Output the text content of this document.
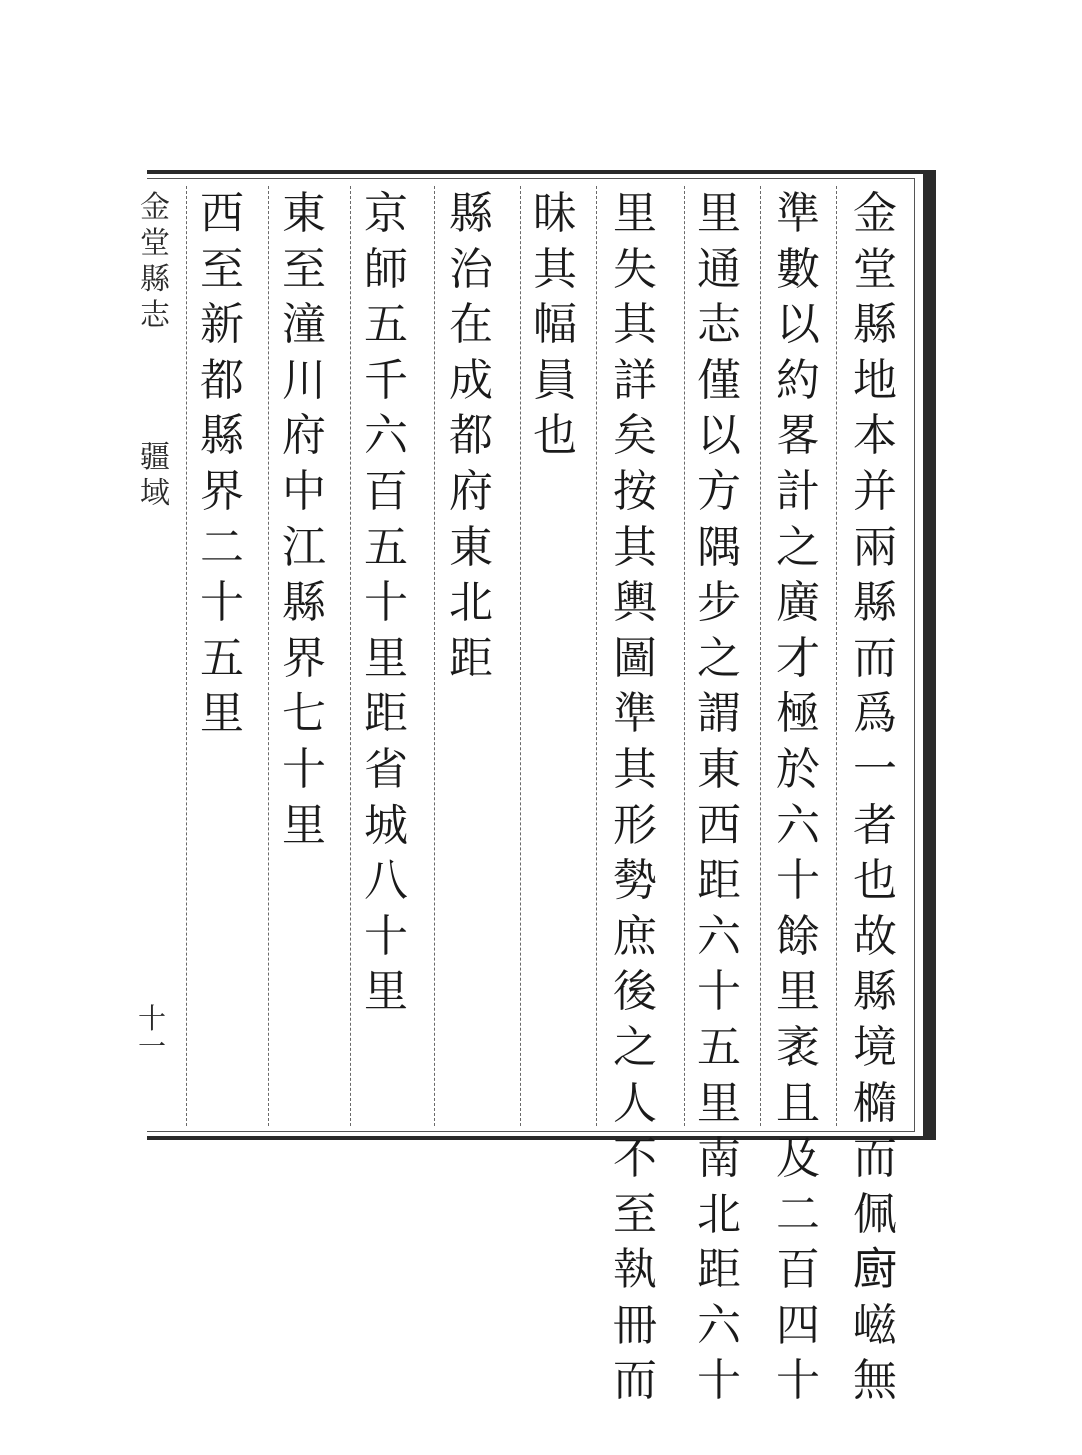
金
堂
縣
地
本
并
兩
縣
而
爲
一
者
也
故
縣
境
橢
而
佩
𢊍
嵫
無
準
數
以
約
畧
計
之
廣
才
極
於
六
十
餘
里
袤
且
及
二
百
四
十
里
通
志
僅
以
方
隅
步
之
謂
東
西
距
六
十
五
里
南
北
距
六
十
里
失
其
詳
矣
按
其
輿
圖
準
其
形
勢
庶
後
之
人
不
至
執
冊
而
昧
其
幅
員
也
縣
治
在
成
都
府
東
北
距
京
師
五
千
六
百
五
十
里
距
省
城
八
十
里
東
至
潼
川
府
中
江
縣
界
七
十
里
西
至
新
都
縣
界
二
十
五
里
金
堂
縣
志
疆
域
十
一
